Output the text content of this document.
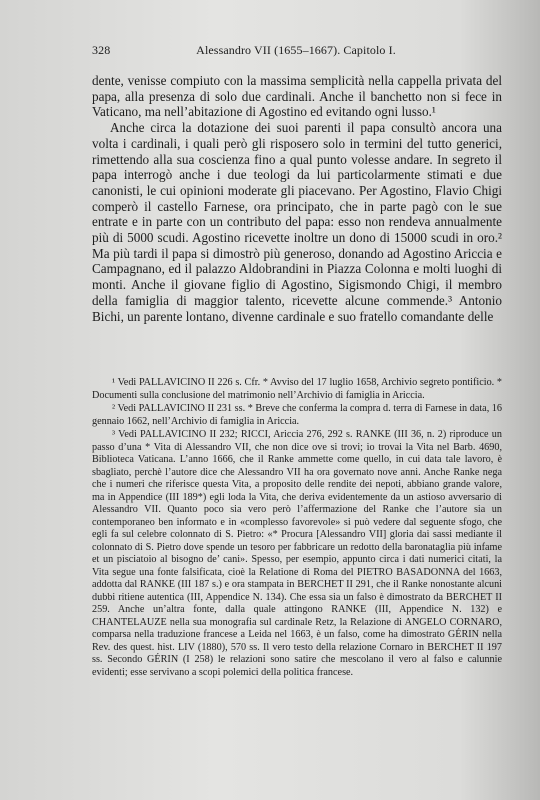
328	Alessandro VII (1655–1667). Capitolo I.

dente, venisse compiuto con la massima semplicità nella cappella privata del papa, alla presenza di solo due cardinali. Anche il banchetto non si fece in Vaticano, ma nell’abitazione di Agostino ed evitando ogni lusso.¹

Anche circa la dotazione dei suoi parenti il papa consultò ancora una volta i cardinali, i quali però gli risposero solo in termini del tutto generici, rimettendo alla sua coscienza fino a qual punto volesse andare. In segreto il papa interrogò anche i due teologi da lui particolarmente stimati e due canonisti, le cui opinioni moderate gli piacevano. Per Agostino, Flavio Chigi comperò il castello Farnese, ora principato, che in parte pagò con le sue entrate e in parte con un contributo del papa: esso non rendeva annualmente più di 5000 scudi. Agostino ricevette inoltre un dono di 15000 scudi in oro.² Ma più tardi il papa si dimostrò più generoso, donando ad Agostino Ariccia e Campagnano, ed il palazzo Aldobrandini in Piazza Colonna e molti luoghi di monti. Anche il giovane figlio di Agostino, Sigismondo Chigi, il membro della famiglia di maggior talento, ricevette alcune commende.³ Antonio Bichi, un parente lontano, divenne cardinale e suo fratello comandante delle

¹ Vedi PALLAVICINO II 226 s. Cfr. * Avviso del 17 luglio 1658, Archivio segreto pontificio. * Documenti sulla conclusione del matrimonio nell’Archivio di famiglia in Ariccia.

² Vedi PALLAVICINO II 231 ss. * Breve che conferma la compra d. terra di Farnese in data, 16 gennaio 1662, nell’Archivio di famiglia in Ariccia.

³ Vedi PALLAVICINO II 232; RICCI, Ariccia 276, 292 s. RANKE (III 36, n. 2) riproduce un passo d’una * Vita di Alessandro VII, che non dice ove si trovi; io trovai la Vita nel Barb. 4690, Biblioteca Vaticana. L’anno 1666, che il Ranke ammette come quello, in cui data tale lavoro, è sbagliato, perchè l’autore dice che Alessandro VII ha ora governato nove anni. Anche Ranke nega che i numeri che riferisce questa Vita, a proposito delle rendite dei nepoti, abbiano grande valore, ma in Appendice (III 189*) egli loda la Vita, che deriva evidentemente da un astioso avversario di Alessandro VII. Quanto poco sia vero però l’affermazione del Ranke che l’autore sia un contemporaneo ben informato e in «complesso favorevole» si può vedere dal seguente sfogo, che egli fa sul celebre colonnato di S. Pietro: «* Procura [Alessandro VII] gloria dai sassi mediante il colonnato di S. Pietro dove spende un tesoro per fabbricare un redotto della baronataglia più infame et un pisciatoio al bisogno de’ cani». Spesso, per esempio, appunto circa i dati numerici citati, la Vita segue una fonte falsificata, cioè la Relatione di Roma del PIETRO BASADONNA del 1663, addotta dal RANKE (III 187 s.) e ora stampata in BERCHET II 291, che il Ranke nonostante alcuni dubbi ritiene autentica (III, Appendice N. 134). Che essa sia un falso è dimostrato da BERCHET II 259. Anche un’altra fonte, dalla quale attingono RANKE (III, Appendice N. 132) e CHANTELAUZE nella sua monografia sul cardinale Retz, la Relazione di ANGELO CORNARO, comparsa nella traduzione francese a Leida nel 1663, è un falso, come ha dimostrato GÉRIN nella Rev. des quest. hist. LIV (1880), 570 ss. Il vero testo della relazione Cornaro in BERCHET II 197 ss. Secondo GÉRIN (I 258) le relazioni sono satire che mescolano il vero al falso e calunnie evidenti; esse servivano a scopi polemici della politica francese.
